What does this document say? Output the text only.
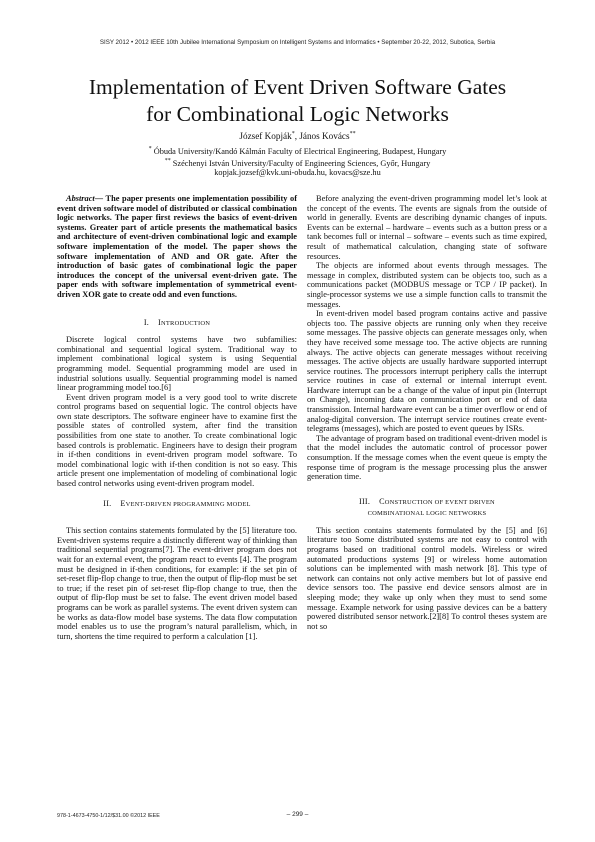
SISY 2012 • 2012 IEEE 10th Jubilee International Symposium on Intelligent Systems and Informatics • September 20-22, 2012, Subotica, Serbia
Implementation of Event Driven Software Gates
for Combinational Logic Networks
József Kopják*, János Kovács**
* Óbuda University/Kandó Kálmán Faculty of Electrical Engineering, Budapest, Hungary
** Széchenyi István University/Faculty of Engineering Sciences, Győr, Hungary
kopjak.jozsef@kvk.uni-obuda.hu, kovacs@sze.hu

Abstract— The paper presents one implementation possibility of event driven software model of distributed or classical combination logic networks. The paper first reviews the basics of event-driven systems. Greater part of article presents the mathematical basics and architecture of event-driven combinational logic and example software implementation of the model. The paper shows the software implementation of AND and OR gate. After the introduction of basic gates of combinational logic the paper introduces the concept of the universal event-driven gate. The paper ends with software implementation of symmetrical event-driven XOR gate to create odd and even functions.

I. INTRODUCTION

Discrete logical control systems have two subfamilies: combinational and sequential logical system. Traditional way to implement combinational logical system is using Sequential programming model. Sequential programming model are used in industrial solutions usually. Sequential programming model is named linear programming model too.[6]

Event driven program model is a very good tool to write discrete control programs based on sequential logic. The control objects have own state descriptors. The software engineer have to examine first the possible states of controlled system, after find the transition possibilities from one state to another. To create combinational logic based controls is problematic. Engineers have to design their program in if-then conditions in event-driven program model software. To model combinational logic with if-then condition is not so easy. This article present one implementation of modeling of combinational logic based control networks using event-driven program model.

II. EVENT-DRIVEN PROGRAMMING MODEL

This section contains statements formulated by the [5] literature too. Event-driven systems require a distinctly different way of thinking than traditional sequential programs[7]. The event-driver program does not wait for an external event, the program react to events [4]. The program must be designed in if-then conditions, for example: if the set pin of set-reset flip-flop change to true, then the output of flip-flop must be set to true; if the reset pin of set-reset flip-flop change to true, then the output of flip-flop must be set to false. The event driven model based programs can be work as parallel systems. The event driven system can be works as data-flow model base systems. The data flow computation model enables us to use the program’s natural parallelism, which, in turn, shortens the time required to perform a calculation [1].

Before analyzing the event-driven programming model let’s look at the concept of the events. The events are signals from the outside of world in generally. Events are describing dynamic changes of inputs. Events can be external – hardware – events such as a button press or a tank becomes full or internal – software – events such as time expired, result of mathematical calculation, changing state of software resources.

The objects are informed about events through messages. The message in complex, distributed system can be objects too, such as a communications packet (MODBUS message or TCP / IP packet). In single-processor systems we use a simple function calls to transmit the messages.

In event-driven model based program contains active and passive objects too. The passive objects are running only when they receive some messages. The passive objects can generate messages only, when they have received some message too. The active objects are running always. The active objects can generate messages without receiving messages. The active objects are usually hardware supported interrupt service routines. The processors interrupt periphery calls the interrupt service routines in case of external or internal interrupt event. Hardware interrupt can be a change of the value of input pin (Interrupt on Change), incoming data on communication port or end of data transmission. Internal hardware event can be a timer overflow or end of analog-digital conversion. The interrupt service routines create event-telegrams (messages), which are posted to event queues by ISRs.

The advantage of program based on traditional event-driven model is that the model includes the automatic control of processor power consumption. If the message comes when the event queue is empty the response time of program is the message processing plus the answer generation time.

III. CONSTRUCTION OF EVENT DRIVEN
COMBINATIONAL LOGIC NETWORKS

This section contains statements formulated by the [5] and [6] literature too Some distributed systems are not easy to control with programs based on traditional control models. Wireless or wired automated productions systems [9] or wireless home automation solutions can be implemented with mash network [8]. This type of network can contains not only active members but lot of passive end device sensors too. The passive end device sensors almost are in sleeping mode; they wake up only when they must to send some message. Example network for using passive devices can be a battery powered distributed sensor network.[2][8] To control theses system are not so

978-1-4673-4750-1/12/$31.00 ©2012 IEEE	– 299 –
